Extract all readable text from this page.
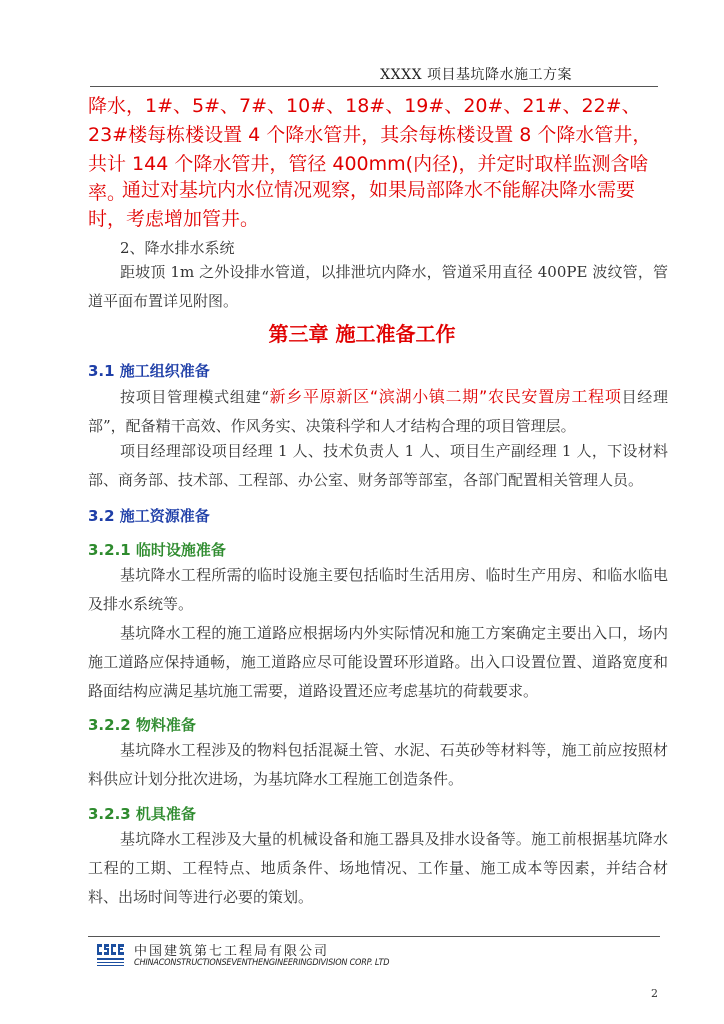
XXXX 项目基坑降水施工方案
降水，1#、5#、7#、10#、18#、19#、20#、21#、22#、23#楼每栋楼设置 4 个降水管井，其余每栋楼设置 8 个降水管井，共计 144 个降水管井，管径 400mm(内径)，并定时取样监测含啥率。
通过对基坑内水位情况观察，如果局部降水不能解决降水需要时，考虑增加管井。
2、降水排水系统
距坡顶 1m 之外设排水管道，以排泄坑内降水，管道采用直径 400PE 波纹管，管道平面布置详见附图。
第三章 施工准备工作
3.1 施工组织准备
按项目管理模式组建“新乡平原新区“滨湖小镇二期”农民安置房工程项目经理部”，配备精干高效、作风务实、决策科学和人才结构合理的项目管理层。
项目经理部设项目经理 1 人、技术负责人 1 人、项目生产副经理 1 人，下设材料部、商务部、技术部、工程部、办公室、财务部等部室，各部门配置相关管理人员。
3.2 施工资源准备
3.2.1 临时设施准备
基坑降水工程所需的临时设施主要包括临时生活用房、临时生产用房、和临水临电及排水系统等。
基坑降水工程的施工道路应根据场内外实际情况和施工方案确定主要出入口，场内施工道路应保持通畅，施工道路应尽可能设置环形道路。出入口设置位置、道路宽度和路面结构应满足基坑施工需要，道路设置还应考虑基坑的荷载要求。
3.2.2 物料准备
基坑降水工程涉及的物料包括混凝土管、水泥、石英砂等材料等，施工前应按照材料供应计划分批次进场，为基坑降水工程施工创造条件。
3.2.3 机具准备
基坑降水工程涉及大量的机械设备和施工器具及排水设备等。施工前根据基坑降水工程的工期、工程特点、地质条件、场地情况、工作量、施工成本等因素，并结合材料、出场时间等进行必要的策划。
中国建筑第七工程局有限公司
CHINACONSTRUCTIONSEVENTHENGINEERINGDIVISION CORP. LTD
2
